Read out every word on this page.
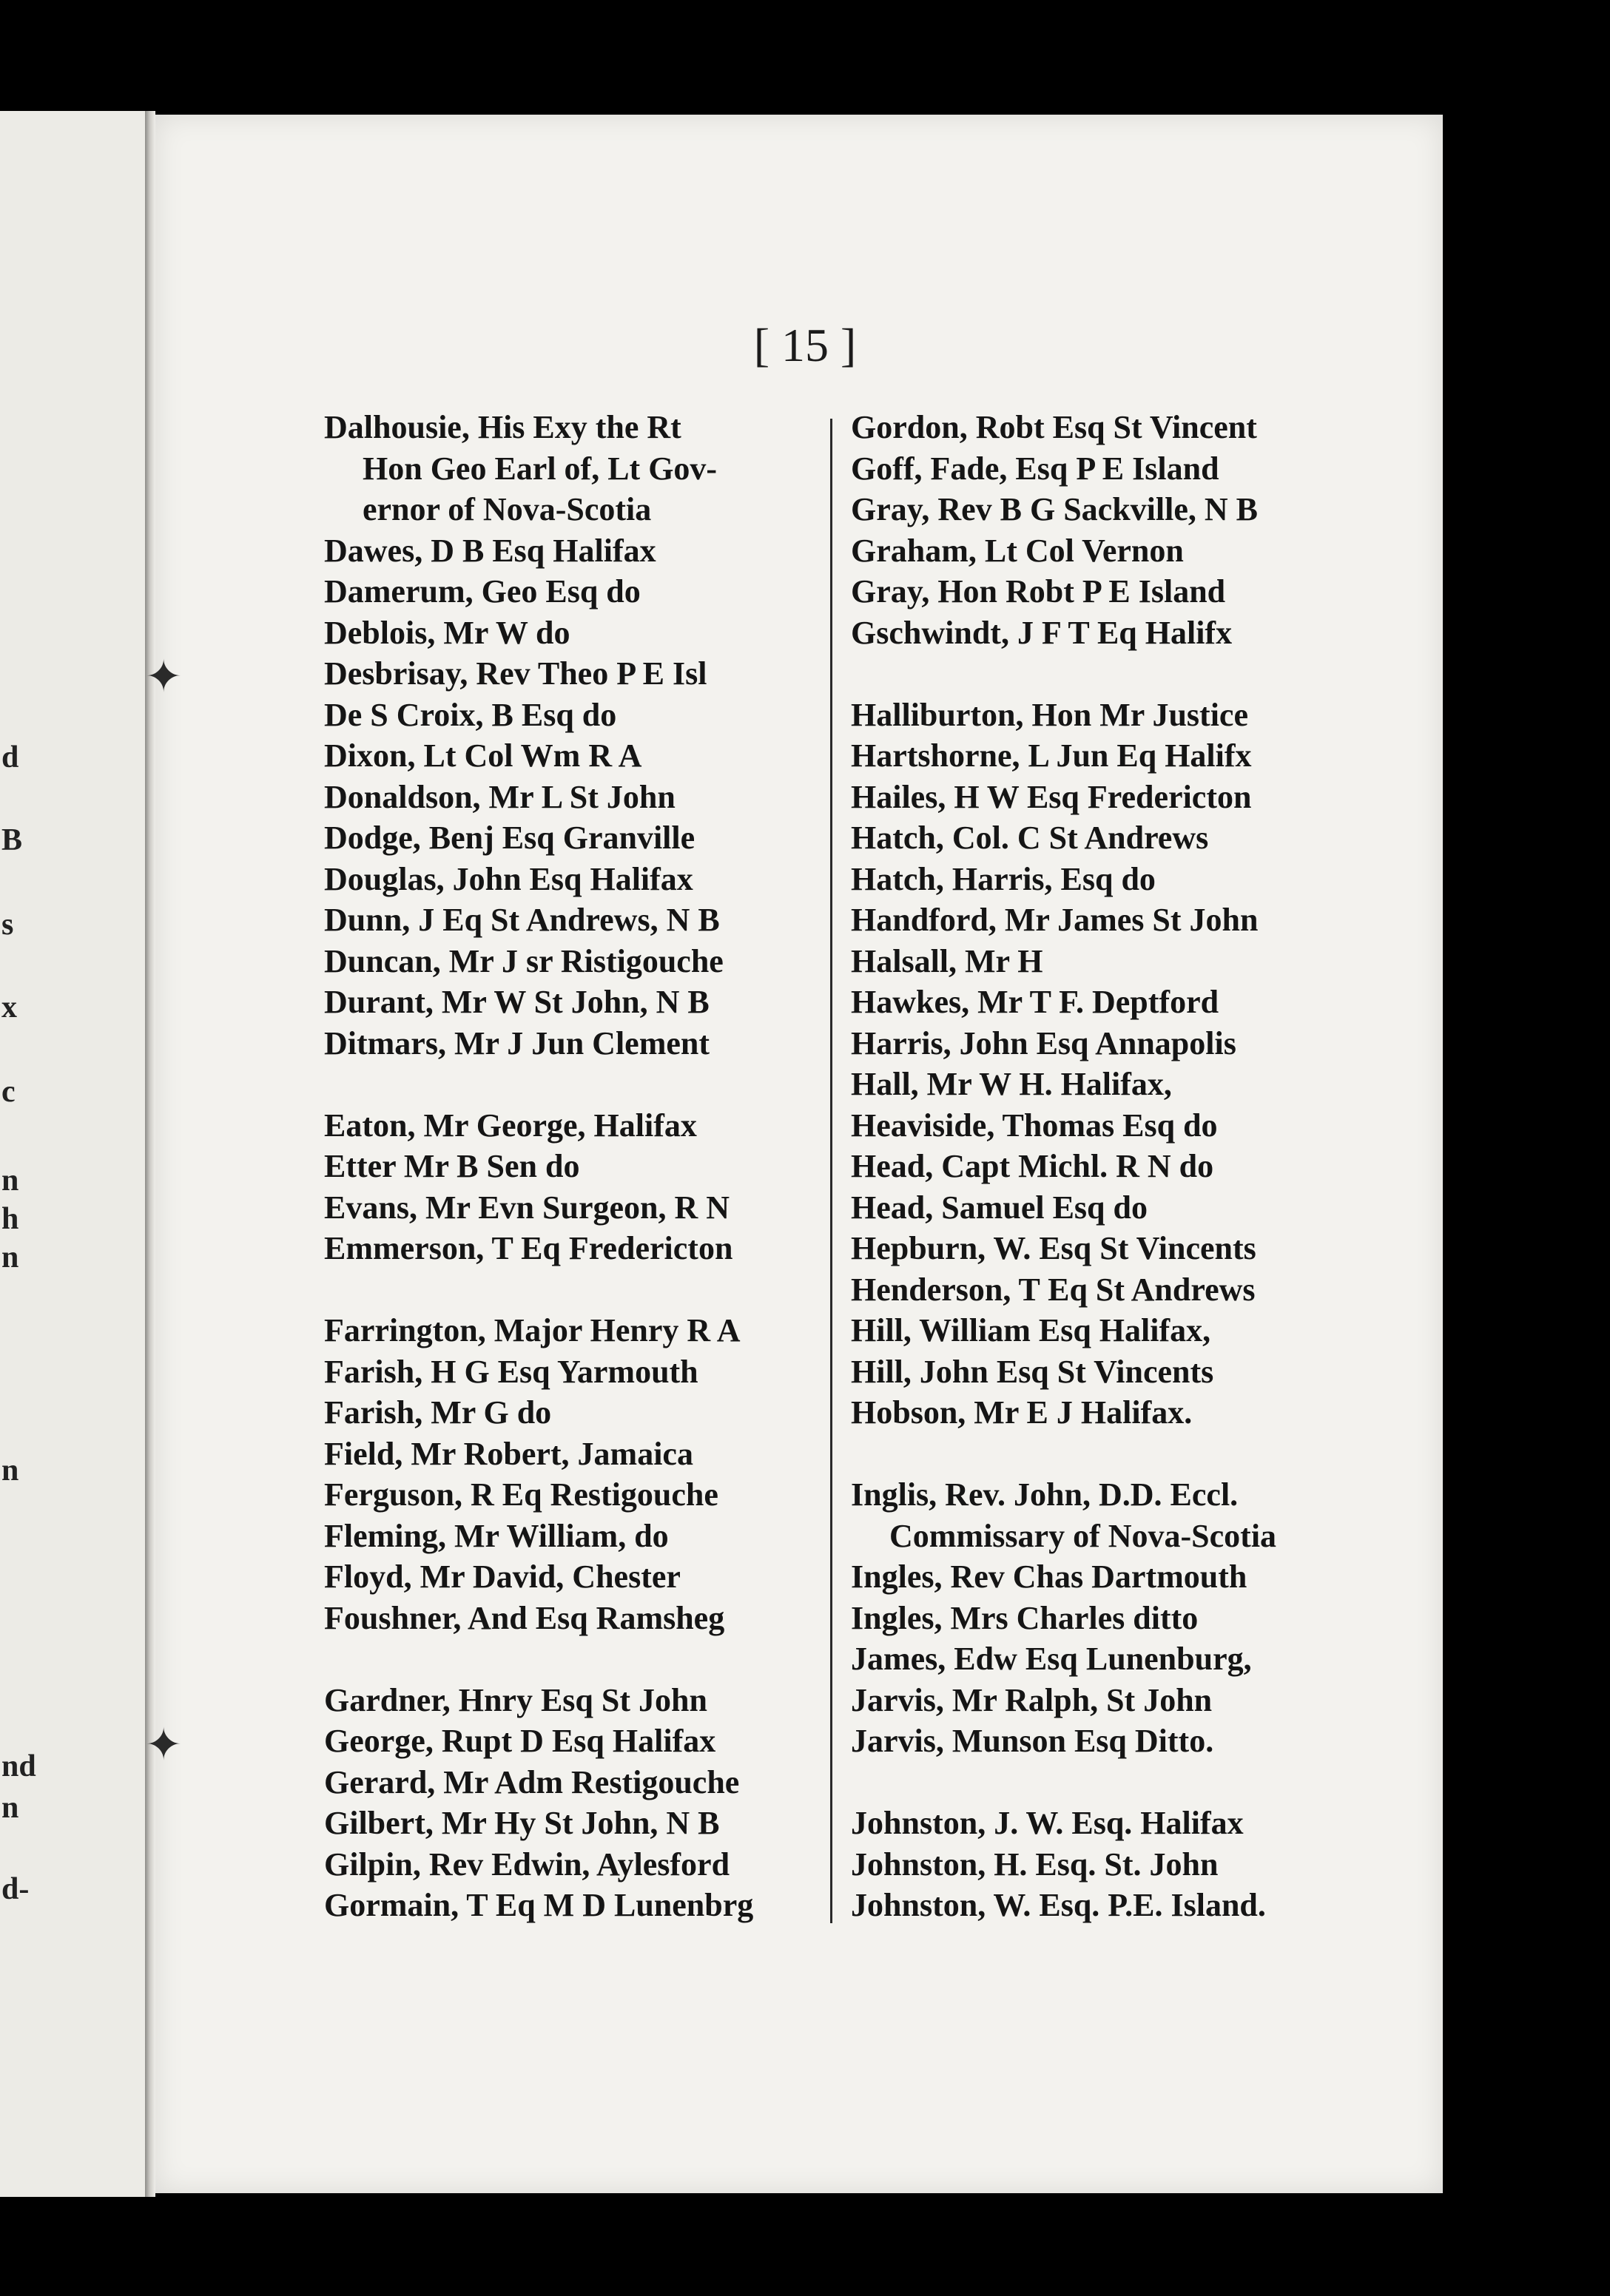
d
B
s
x
c
n
h
n
n
nd
n
d-
✦
✦
[ 15 ]
Dalhousie, His Exy the Rt
Hon Geo Earl of, Lt Gov-
ernor of Nova-Scotia
Dawes, D B Esq Halifax
Damerum, Geo Esq do
Deblois, Mr W do
Desbrisay, Rev Theo P E Isl
De S Croix, B Esq do
Dixon, Lt Col Wm R A
Donaldson, Mr L St John
Dodge, Benj Esq Granville
Douglas, John Esq Halifax
Dunn, J Eq St Andrews, N B
Duncan, Mr J sr Ristigouche
Durant, Mr W St John, N B
Ditmars, Mr J Jun Clement
Eaton, Mr George, Halifax
Etter Mr B Sen do
Evans, Mr Evn Surgeon, R N
Emmerson, T Eq Fredericton
Farrington, Major Henry R A
Farish, H G Esq Yarmouth
Farish, Mr G do
Field, Mr Robert, Jamaica
Ferguson, R Eq Restigouche
Fleming, Mr William, do
Floyd, Mr David, Chester
Foushner, And Esq Ramsheg
Gardner, Hnry Esq St John
George, Rupt D Esq Halifax
Gerard, Mr Adm Restigouche
Gilbert, Mr Hy St John, N B
Gilpin, Rev Edwin, Aylesford
Gormain, T Eq M D Lunenbrg
Gordon, Robt Esq St Vincent
Goff, Fade, Esq P E Island
Gray, Rev B G Sackville, N B
Graham, Lt Col Vernon
Gray, Hon Robt P E Island
Gschwindt, J F T Eq Halifx
Halliburton, Hon Mr Justice
Hartshorne, L Jun Eq Halifx
Hailes, H W Esq Fredericton
Hatch, Col. C St Andrews
Hatch, Harris, Esq do
Handford, Mr James St John
Halsall, Mr H
Hawkes, Mr T F. Deptford
Harris, John Esq Annapolis
Hall, Mr W H. Halifax,
Heaviside, Thomas Esq do
Head, Capt Michl. R N do
Head, Samuel Esq do
Hepburn, W. Esq St Vincents
Henderson, T Eq St Andrews
Hill, William Esq Halifax,
Hill, John Esq St Vincents
Hobson, Mr E J Halifax.
Inglis, Rev. John, D.D. Eccl.
Commissary of Nova-Scotia
Ingles, Rev Chas Dartmouth
Ingles, Mrs Charles ditto
James, Edw Esq Lunenburg,
Jarvis, Mr Ralph, St John
Jarvis, Munson Esq Ditto.
Johnston, J. W. Esq. Halifax
Johnston, H. Esq. St. John
Johnston, W. Esq. P.E. Island.
